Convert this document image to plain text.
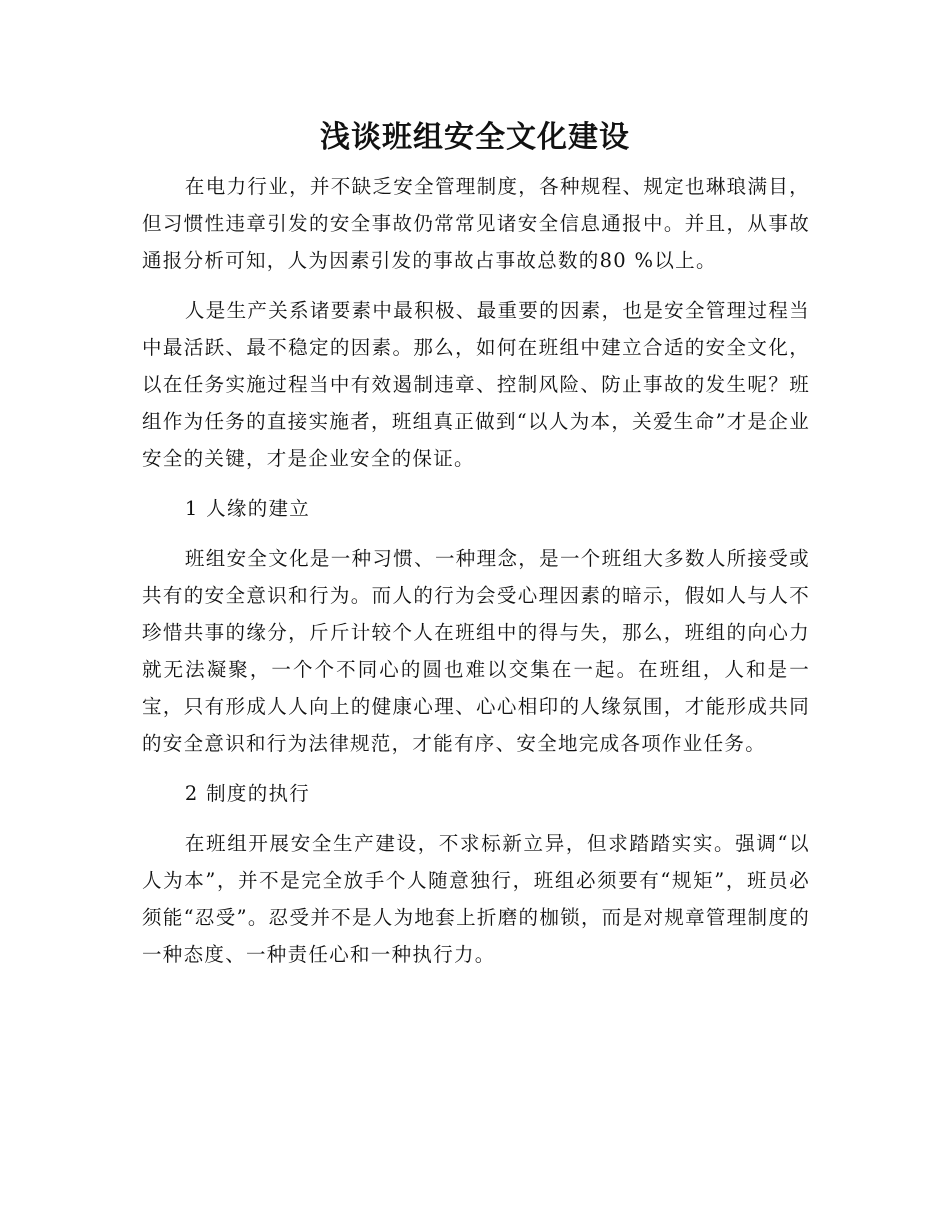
浅谈班组安全文化建设

在电力行业，并不缺乏安全管理制度，各种规程、规定也琳琅满目，但习惯性违章引发的安全事故仍常常见诸安全信息通报中。并且，从事故通报分析可知，人为因素引发的事故占事故总数的80 %以上。

人是生产关系诸要素中最积极、最重要的因素，也是安全管理过程当中最活跃、最不稳定的因素。那么，如何在班组中建立合适的安全文化，以在任务实施过程当中有效遏制违章、控制风险、防止事故的发生呢？班组作为任务的直接实施者，班组真正做到“以人为本，关爱生命”才是企业安全的关键，才是企业安全的保证。

1 人缘的建立

班组安全文化是一种习惯、一种理念，是一个班组大多数人所接受或共有的安全意识和行为。而人的行为会受心理因素的暗示，假如人与人不珍惜共事的缘分，斤斤计较个人在班组中的得与失，那么，班组的向心力就无法凝聚，一个个不同心的圆也难以交集在一起。在班组，人和是一宝，只有形成人人向上的健康心理、心心相印的人缘氛围，才能形成共同的安全意识和行为法律规范，才能有序、安全地完成各项作业任务。

2 制度的执行

在班组开展安全生产建设，不求标新立异，但求踏踏实实。强调“以人为本”，并不是完全放手个人随意独行，班组必须要有“规矩”，班员必须能“忍受”。忍受并不是人为地套上折磨的枷锁，而是对规章管理制度的一种态度、一种责任心和一种执行力。
